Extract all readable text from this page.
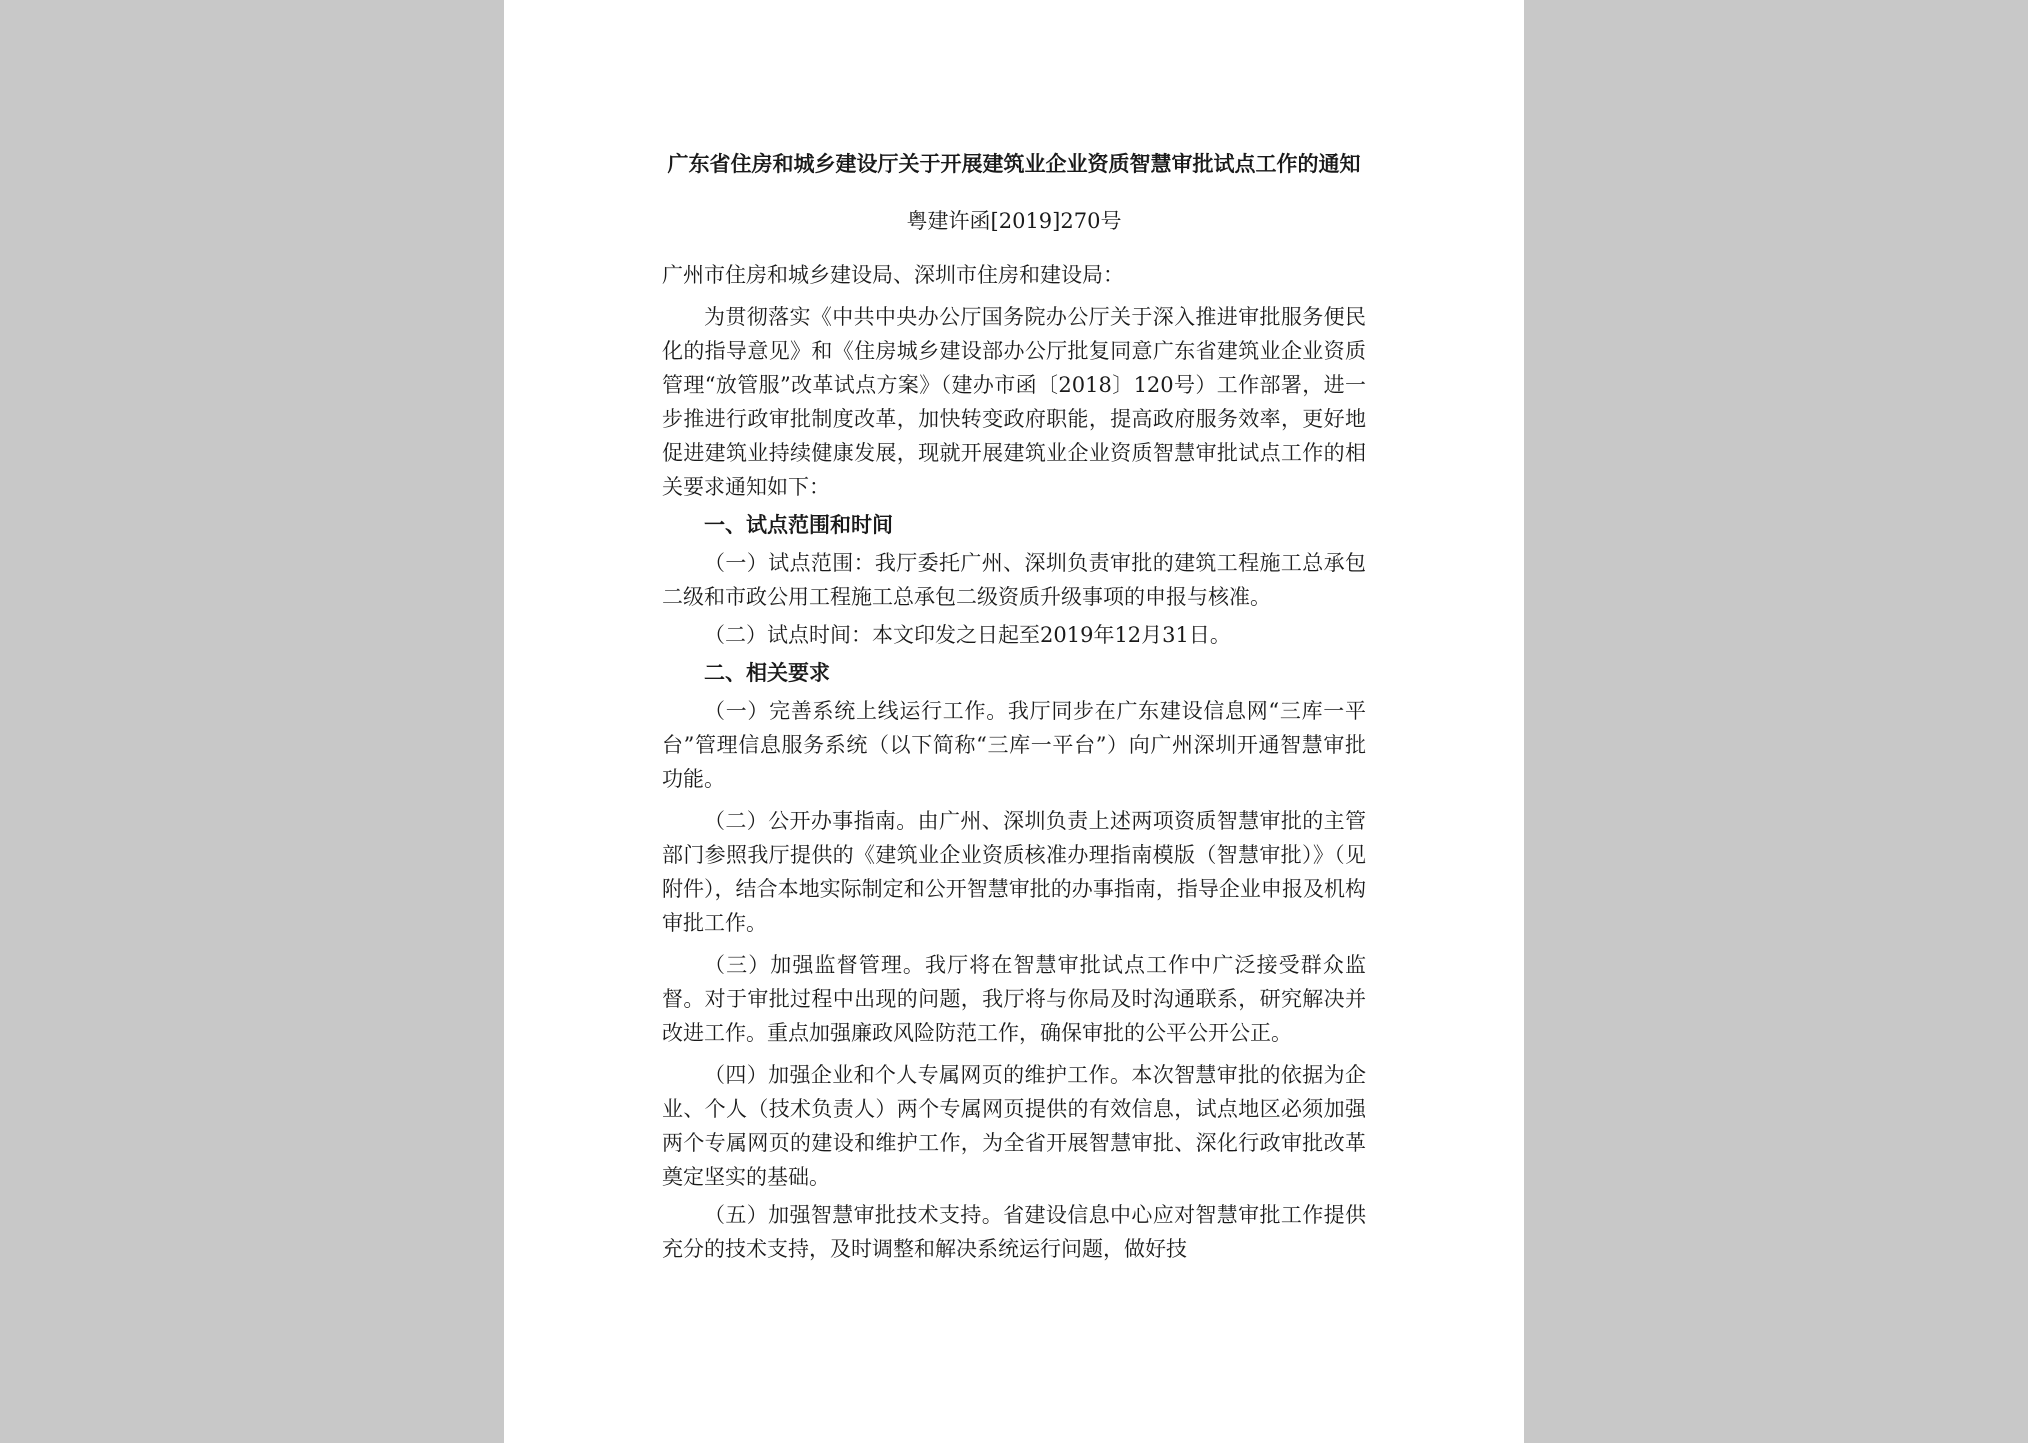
广东省住房和城乡建设厅关于开展建筑业企业资质智慧审批试点工作的通知
粤建许函[2019]270号
广州市住房和城乡建设局、深圳市住房和建设局：
为贯彻落实《中共中央办公厅国务院办公厅关于深入推进审批服务便民化的指导意见》和《住房城乡建设部办公厅批复同意广东省建筑业企业资质管理“放管服”改革试点方案》（建办市函〔2018〕120号）工作部署，进一步推进行政审批制度改革，加快转变政府职能，提高政府服务效率，更好地促进建筑业持续健康发展，现就开展建筑业企业资质智慧审批试点工作的相关要求通知如下：
一、试点范围和时间
（一）试点范围：我厅委托广州、深圳负责审批的建筑工程施工总承包二级和市政公用工程施工总承包二级资质升级事项的申报与核准。
（二）试点时间：本文印发之日起至2019年12月31日。
二、相关要求
（一）完善系统上线运行工作。我厅同步在广东建设信息网“三库一平台”管理信息服务系统（以下简称“三库一平台”）向广州深圳开通智慧审批功能。
（二）公开办事指南。由广州、深圳负责上述两项资质智慧审批的主管部门参照我厅提供的《建筑业企业资质核准办理指南模版（智慧审批）》（见附件），结合本地实际制定和公开智慧审批的办事指南，指导企业申报及机构审批工作。
（三）加强监督管理。我厅将在智慧审批试点工作中广泛接受群众监督。对于审批过程中出现的问题，我厅将与你局及时沟通联系，研究解决并改进工作。重点加强廉政风险防范工作，确保审批的公平公开公正。
（四）加强企业和个人专属网页的维护工作。本次智慧审批的依据为企业、个人（技术负责人）两个专属网页提供的有效信息，试点地区必须加强两个专属网页的建设和维护工作，为全省开展智慧审批、深化行政审批改革奠定坚实的基础。
（五）加强智慧审批技术支持。省建设信息中心应对智慧审批工作提供充分的技术支持，及时调整和解决系统运行问题，做好技
